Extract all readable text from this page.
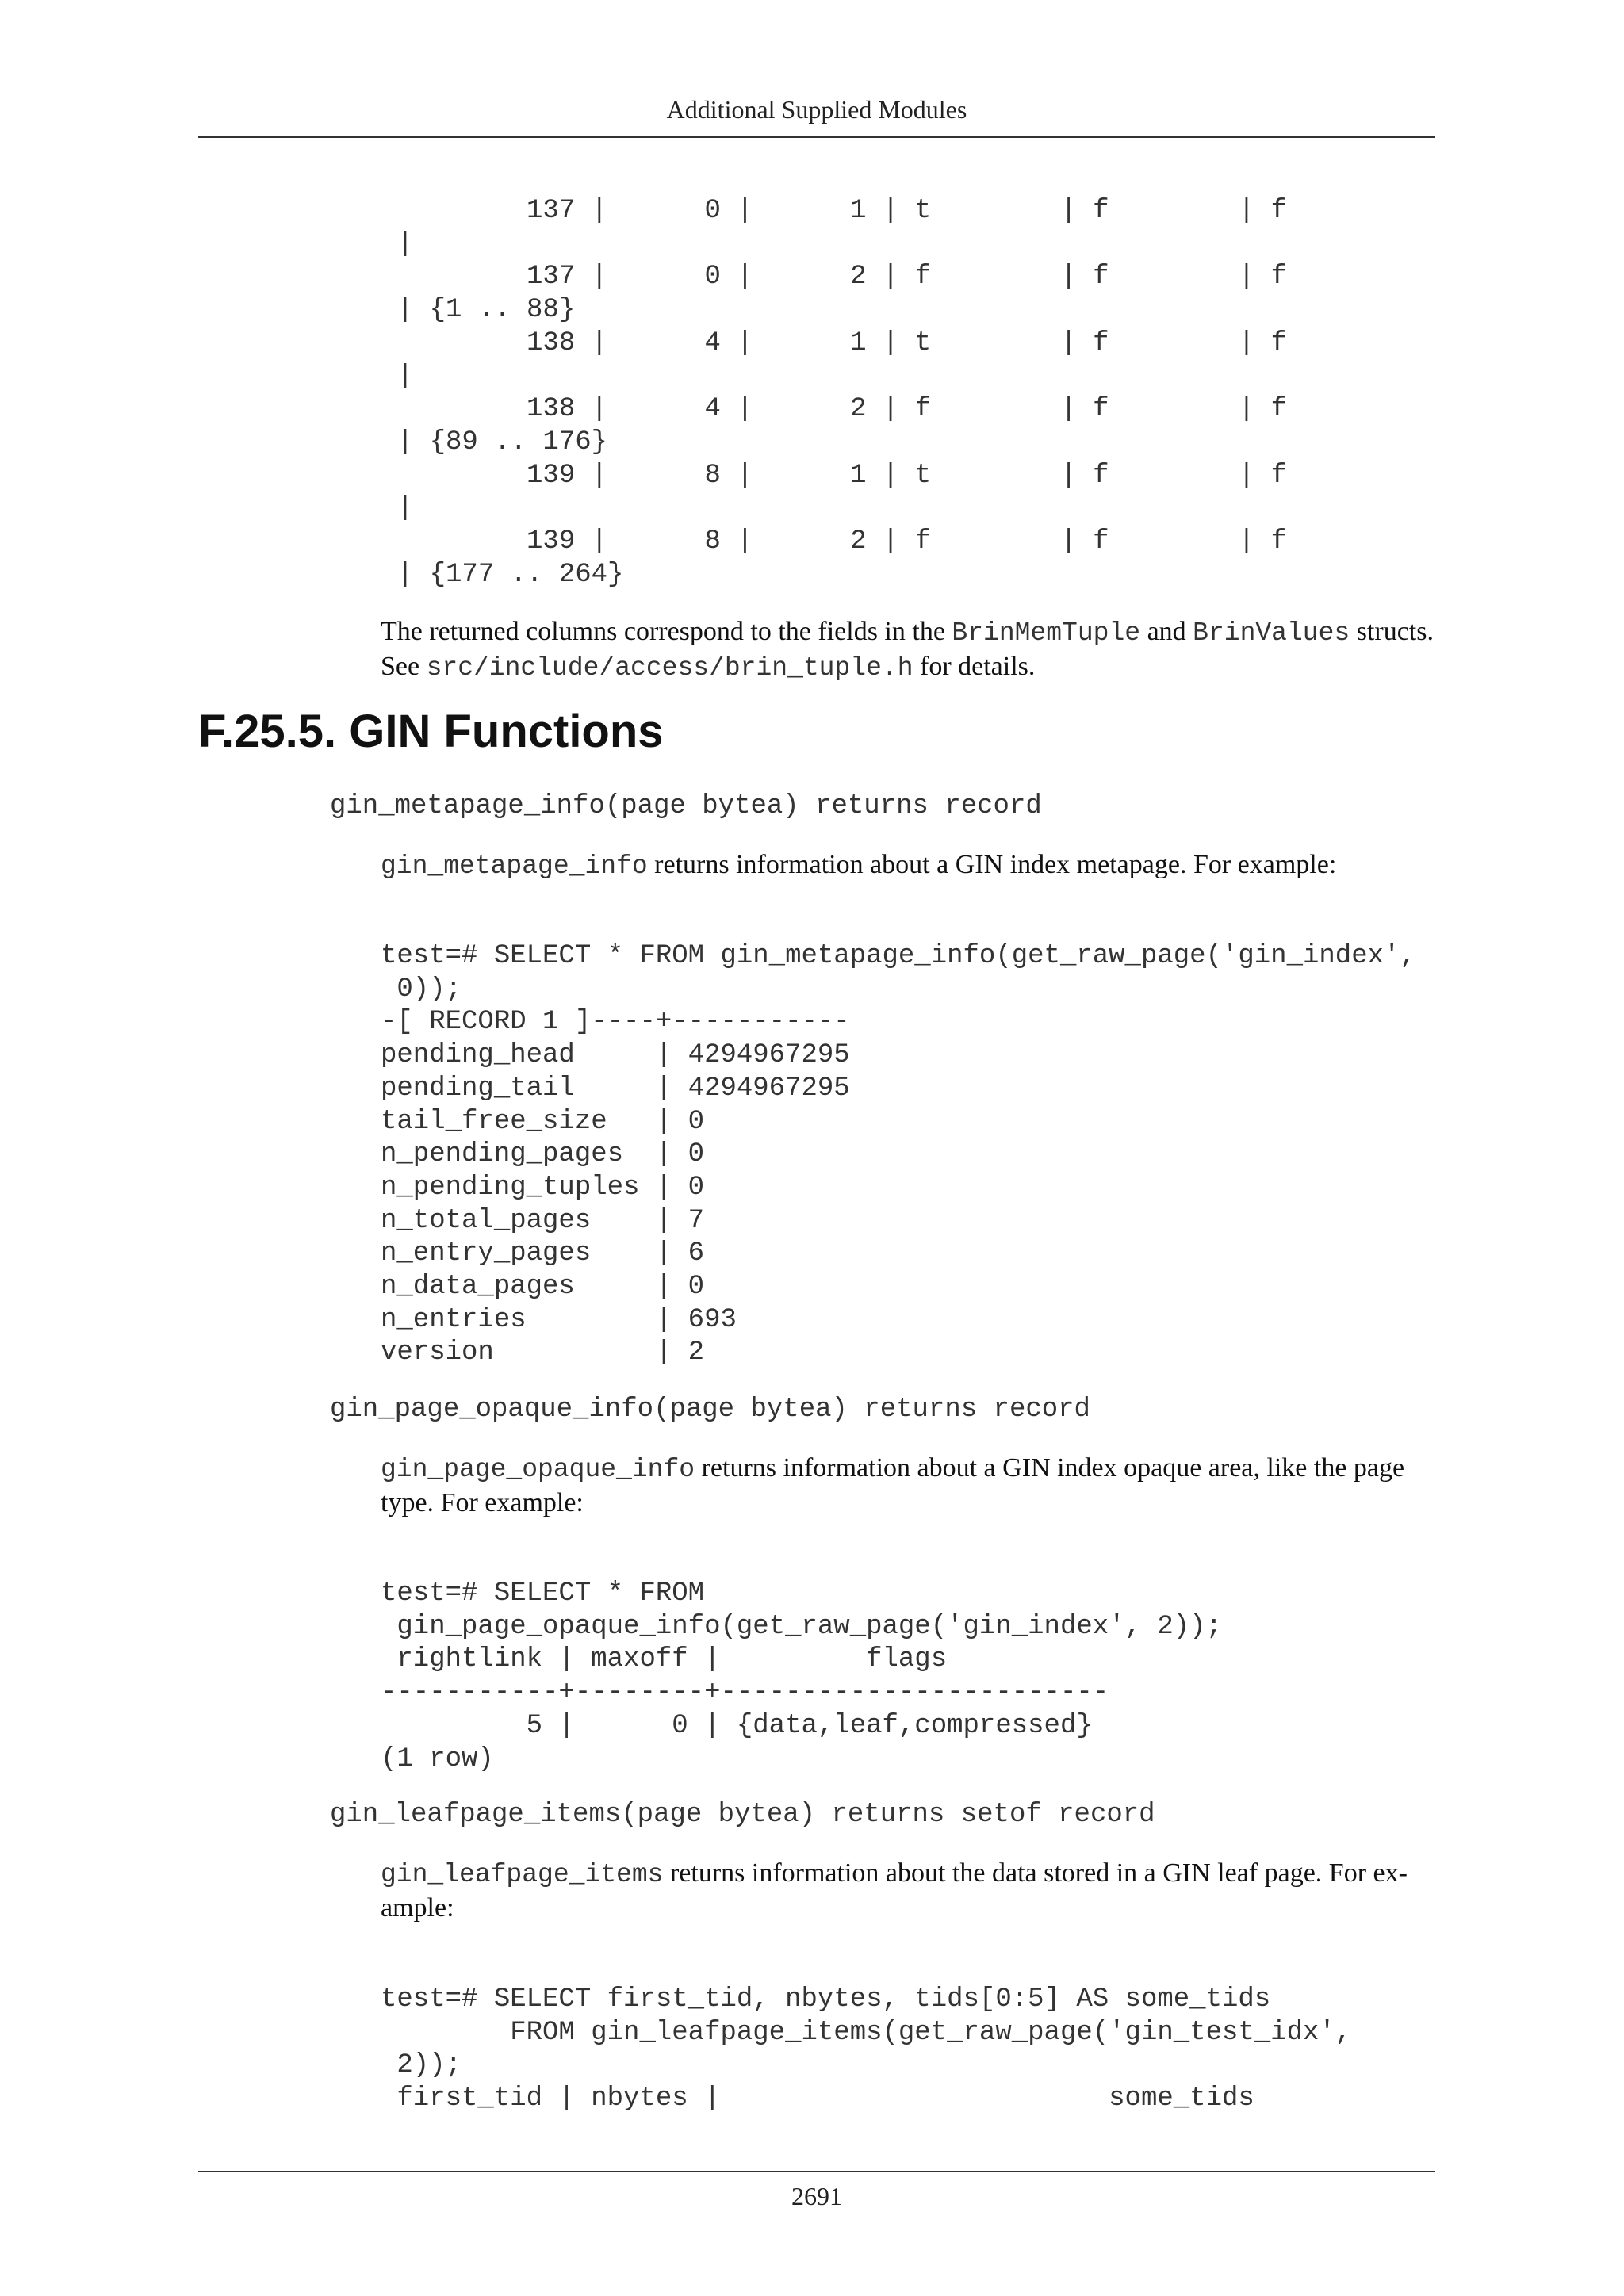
Additional Supplied Modules
137 |      0 |      1 | t        | f        | f
|
137 |      0 |      2 | f        | f        | f
| {1 .. 88}
138 |      4 |      1 | t        | f        | f
|
138 |      4 |      2 | f        | f        | f
| {89 .. 176}
139 |      8 |      1 | t        | f        | f
|
139 |      8 |      2 | f        | f        | f
| {177 .. 264}
The returned columns correspond to the fields in the BrinMemTuple and BrinValues structs. See src/include/access/brin_tuple.h for details.
F.25.5. GIN Functions
gin_metapage_info(page bytea) returns record
gin_metapage_info returns information about a GIN index metapage. For example:
test=# SELECT * FROM gin_metapage_info(get_raw_page('gin_index',
0));
-[ RECORD 1 ]----+-----------
pending_head     | 4294967295
pending_tail     | 4294967295
tail_free_size   | 0
n_pending_pages  | 0
n_pending_tuples | 0
n_total_pages    | 7
n_entry_pages    | 6
n_data_pages     | 0
n_entries        | 693
version          | 2
gin_page_opaque_info(page bytea) returns record
gin_page_opaque_info returns information about a GIN index opaque area, like the page type. For example:
test=# SELECT * FROM
gin_page_opaque_info(get_raw_page('gin_index', 2));
rightlink | maxoff |         flags
-----------+--------+------------------------
5 |      0 | {data,leaf,compressed}
(1 row)
gin_leafpage_items(page bytea) returns setof record
gin_leafpage_items returns information about the data stored in a GIN leaf page. For ex-ample:
test=# SELECT first_tid, nbytes, tids[0:5] AS some_tids
FROM gin_leafpage_items(get_raw_page('gin_test_idx',
2));
first_tid | nbytes |                        some_tids
2691
